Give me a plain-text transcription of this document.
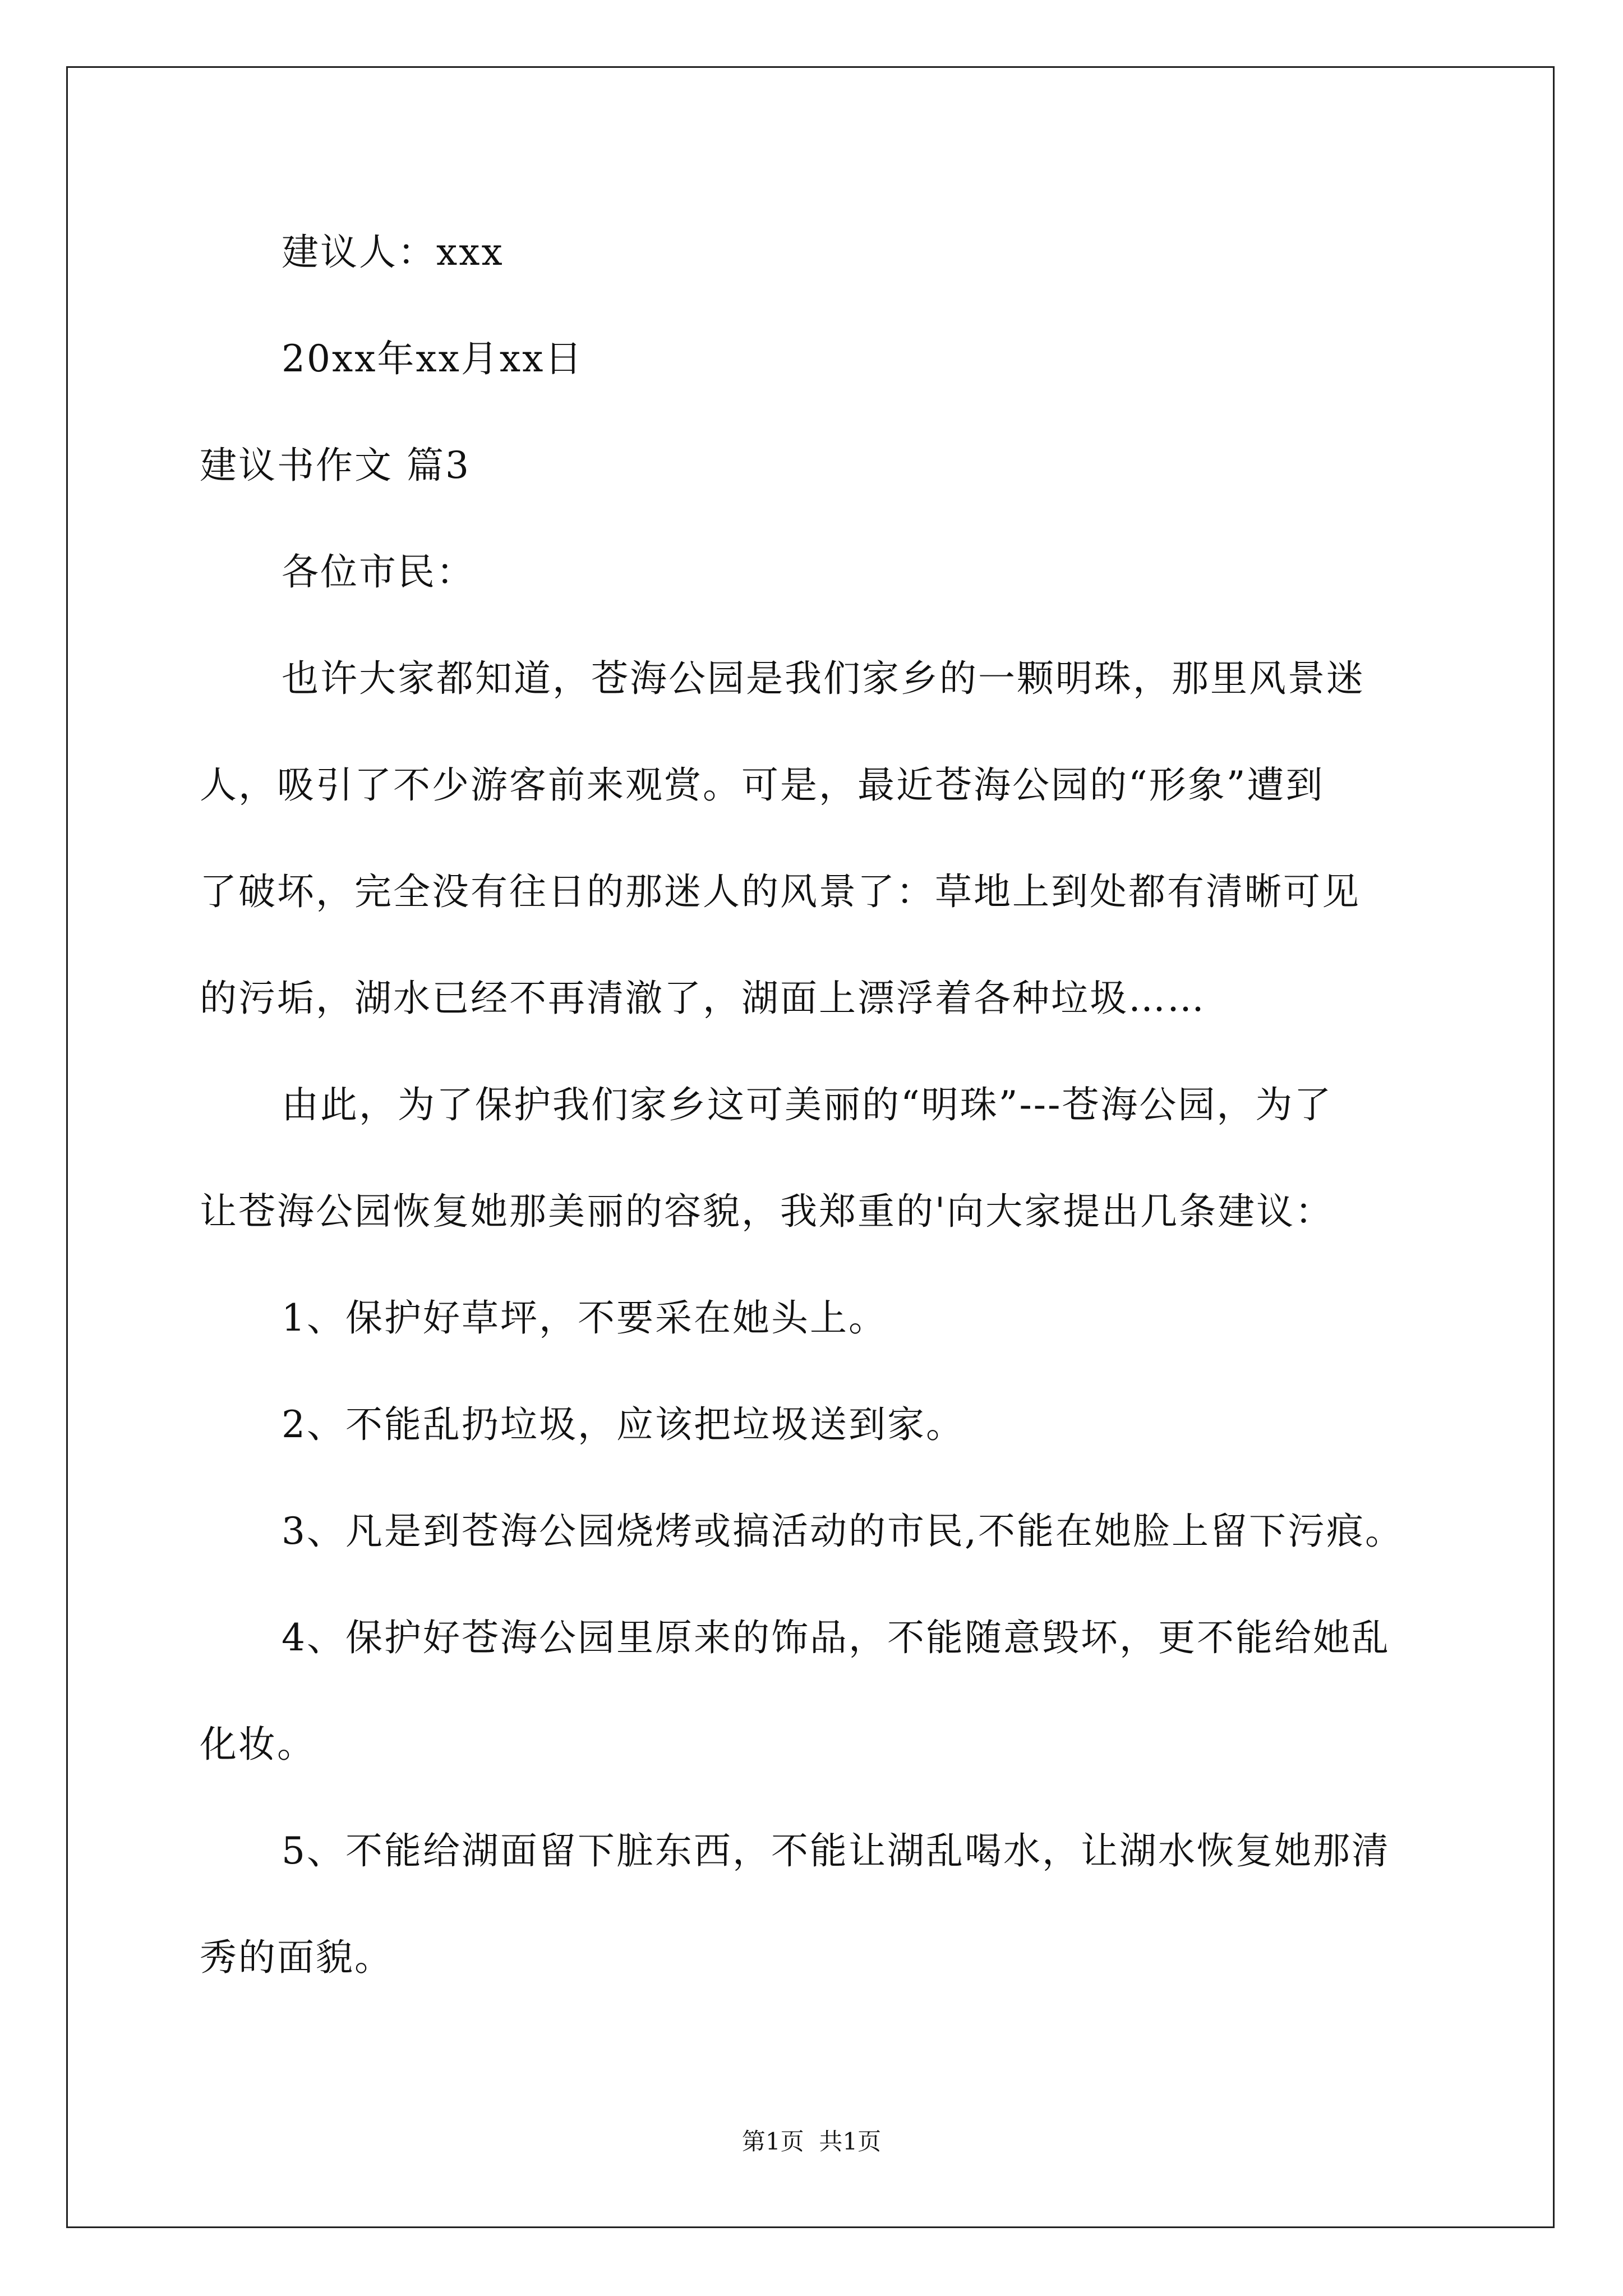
建议人：xxx
20xx年xx月xx日
建议书作文 篇3
各位市民：
也许大家都知道，苍海公园是我们家乡的一颗明珠，那里风景迷
人，吸引了不少游客前来观赏。可是，最近苍海公园的“形象”遭到
了破坏，完全没有往日的那迷人的风景了：草地上到处都有清晰可见
的污垢，湖水已经不再清澈了，湖面上漂浮着各种垃圾……
由此，为了保护我们家乡这可美丽的“明珠”---苍海公园，为了
让苍海公园恢复她那美丽的容貌，我郑重的'向大家提出几条建议：
1、保护好草坪，不要采在她头上。
2、不能乱扔垃圾，应该把垃圾送到家。
3、凡是到苍海公园烧烤或搞活动的市民,不能在她脸上留下污痕。
4、保护好苍海公园里原来的饰品，不能随意毁坏，更不能给她乱
化妆。
5、不能给湖面留下脏东西，不能让湖乱喝水，让湖水恢复她那清
秀的面貌。
第1页  共1页
